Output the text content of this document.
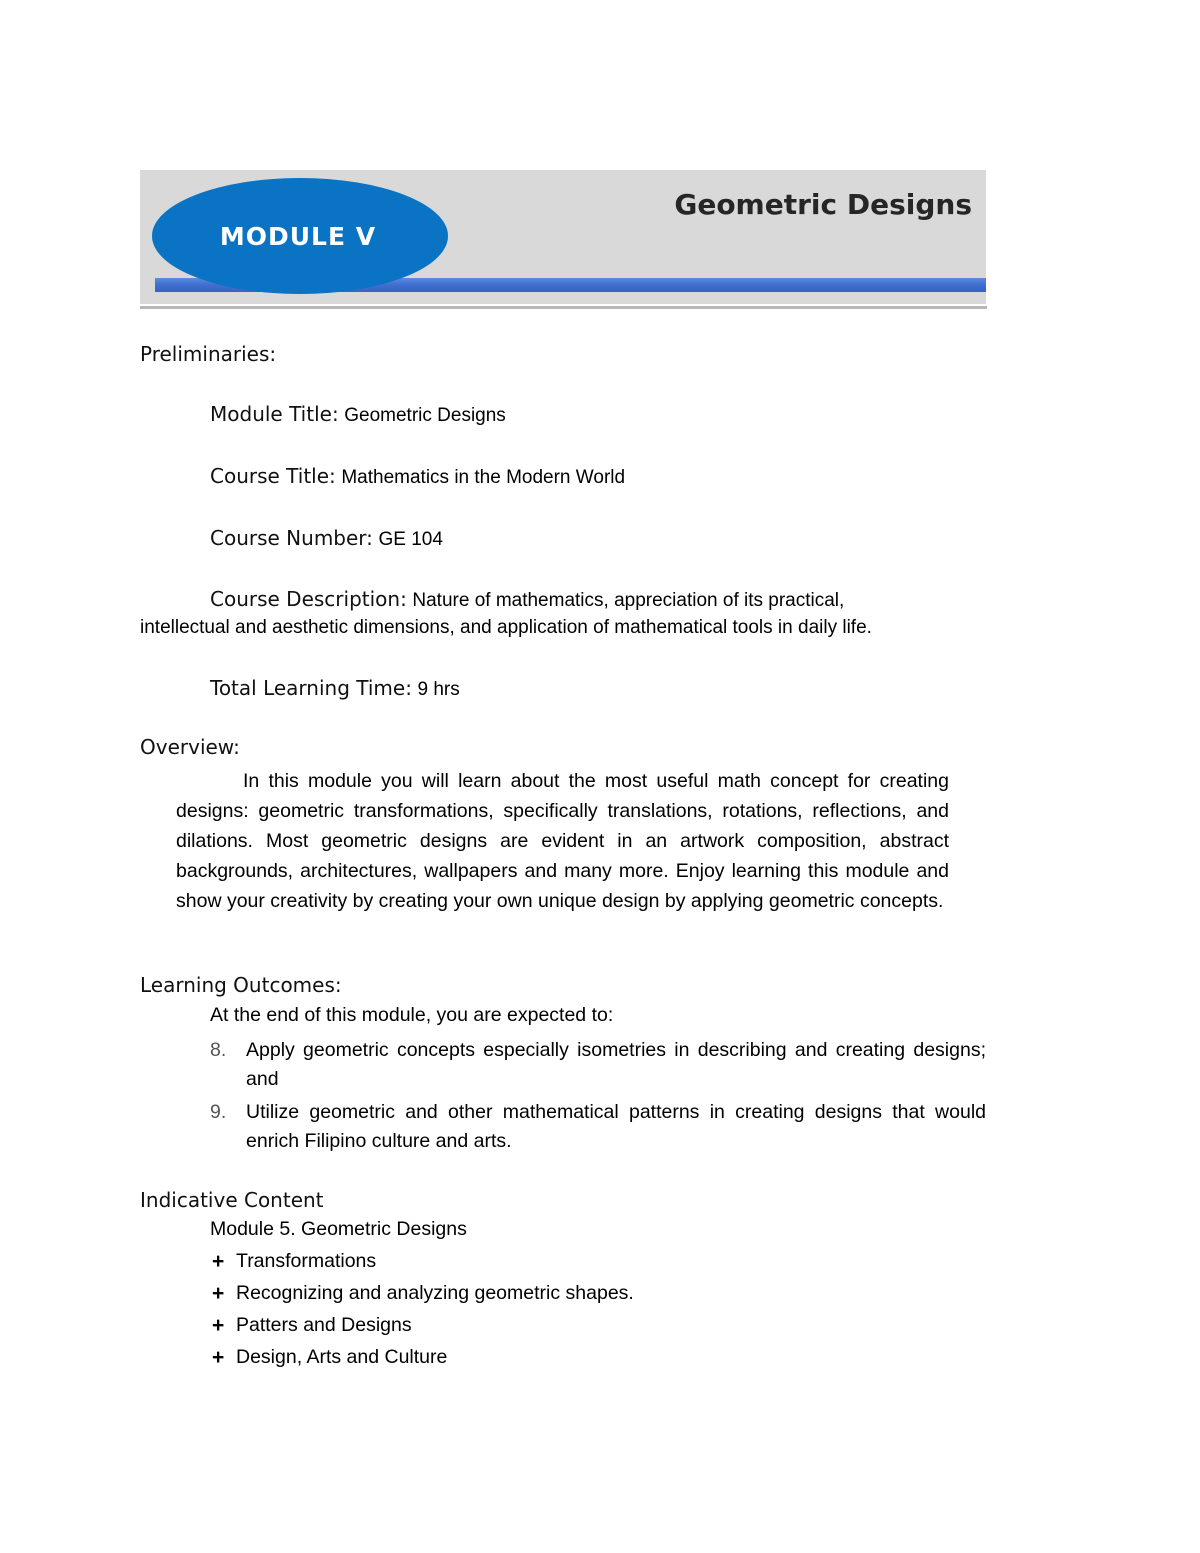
MODULE V
Geometric Designs
Preliminaries:
Module Title: Geometric Designs
Course Title: Mathematics in the Modern World
Course Number: GE 104
Course Description: Nature of mathematics, appreciation of its practical,
intellectual and aesthetic dimensions, and application of mathematical tools in daily life.
Total Learning Time: 9 hrs
Overview:
In this module you will learn about the most useful math concept for creating designs: geometric transformations, specifically translations, rotations, reflections, and dilations. Most geometric designs are evident in an artwork composition, abstract backgrounds, architectures, wallpapers and many more. Enjoy learning this module and show your creativity by creating your own unique design by applying geometric concepts.
Learning Outcomes:
At the end of this module, you are expected to:
8.	Apply geometric concepts especially isometries in describing and creating designs; and
9.	Utilize geometric and other mathematical patterns in creating designs that would enrich Filipino culture and arts.
Indicative Content
Module 5. Geometric Designs
+ Transformations
+ Recognizing and analyzing geometric shapes.
+ Patters and Designs
+ Design, Arts and Culture
